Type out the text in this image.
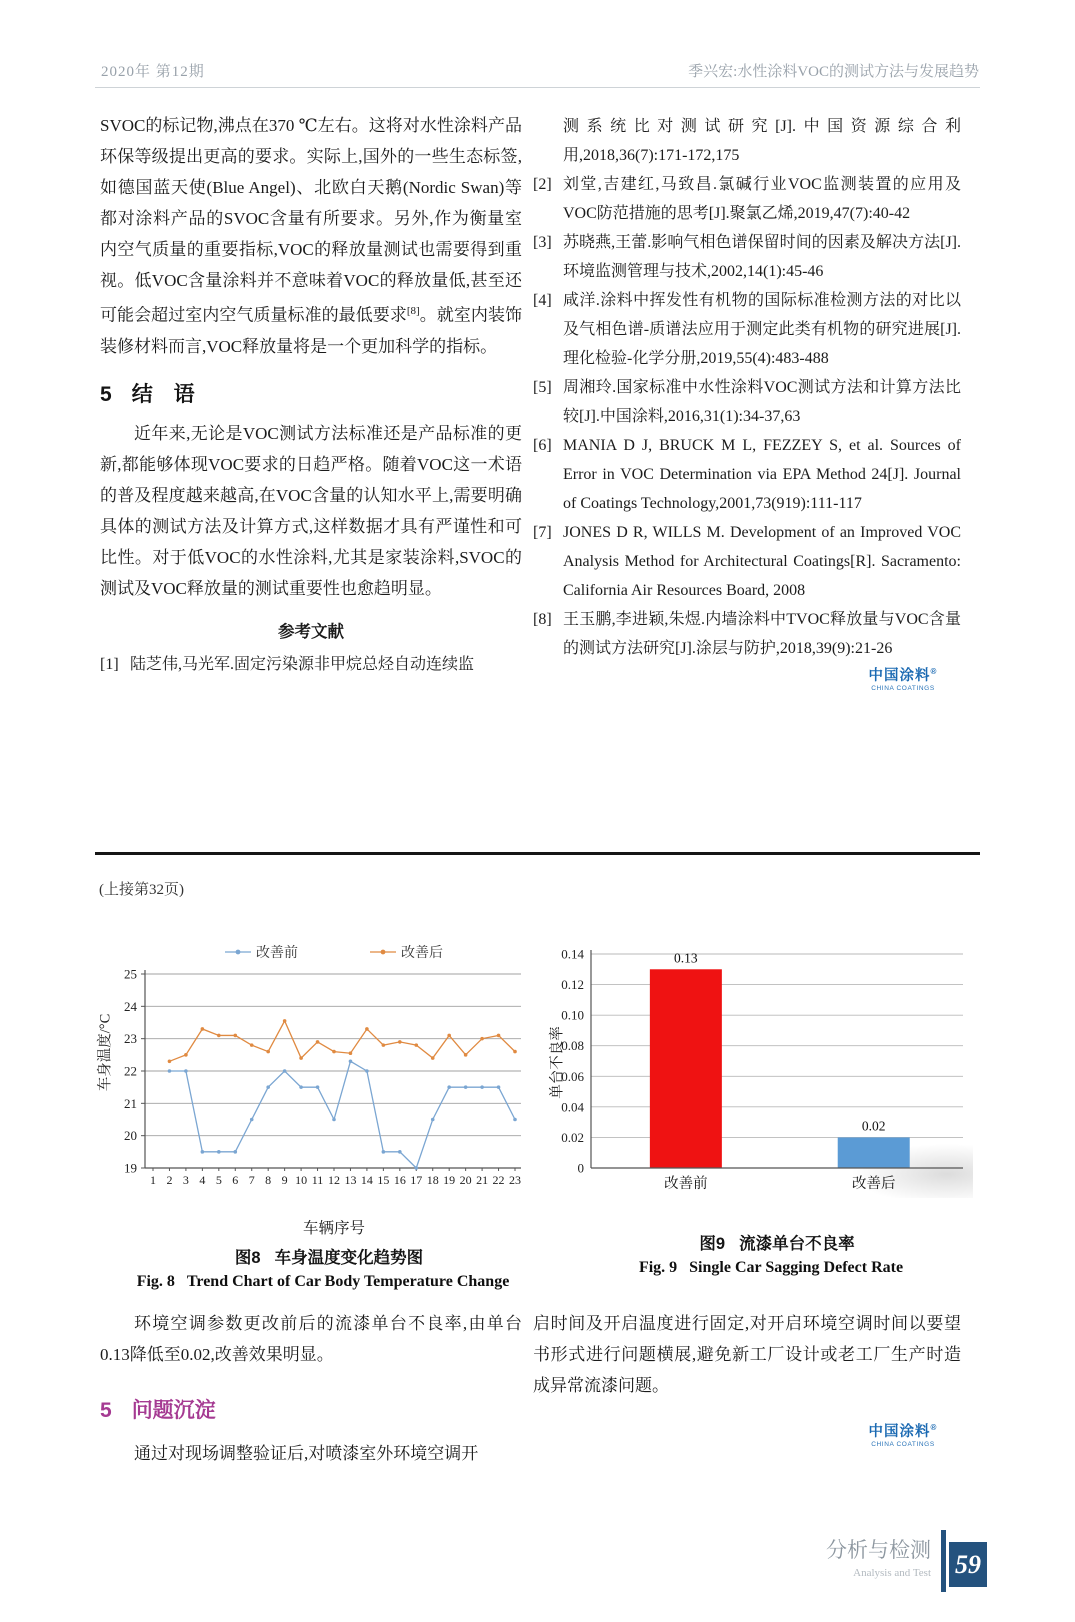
2020年 第12期	季兴宏:水性涂料VOC的测试方法与发展趋势
SVOC的标记物,沸点在370 ℃左右。这将对水性涂料产品环保等级提出更高的要求。实际上,国外的一些生态标签,如德国蓝天使(Blue Angel)、北欧白天鹅(Nordic Swan)等都对涂料产品的SVOC含量有所要求。另外,作为衡量室内空气质量的重要指标,VOC的释放量测试也需要得到重视。低VOC含量涂料并不意味着VOC的释放量低,甚至还可能会超过室内空气质量标准的最低要求[8]。就室内装饰装修材料而言,VOC释放量将是一个更加科学的指标。
5 结　语
近年来,无论是VOC测试方法标准还是产品标准的更新,都能够体现VOC要求的日趋严格。随着VOC这一术语的普及程度越来越高,在VOC含量的认知水平上,需要明确具体的测试方法及计算方式,这样数据才具有严谨性和可比性。对于低VOC的水性涂料,尤其是家装涂料,SVOC的测试及VOC释放量的测试重要性也愈趋明显。
参考文献
[1] 陆芝伟,马光军.固定污染源非甲烷总烃自动连续监
测系统比对测试研究[J].中国资源综合利用,2018,36(7):171-172,175
[2] 刘堂,吉建红,马致昌.氯碱行业VOC监测装置的应用及VOC防范措施的思考[J].聚氯乙烯,2019,47(7):40-42
[3] 苏晓燕,王蕾.影响气相色谱保留时间的因素及解决方法[J].环境监测管理与技术,2002,14(1):45-46
[4] 咸洋.涂料中挥发性有机物的国际标准检测方法的对比以及气相色谱-质谱法应用于测定此类有机物的研究进展[J].理化检验-化学分册,2019,55(4):483-488
[5] 周湘玲.国家标准中水性涂料VOC测试方法和计算方法比较[J].中国涂料,2016,31(1):34-37,63
[6] MANIA D J, BRUCK M L, FEZZEY S, et al. Sources of Error in VOC Determination via EPA Method 24[J]. Journal of Coatings Technology,2001,73(919):111-117
[7] JONES D R, WILLS M. Development of an Improved VOC Analysis Method for Architectural Coatings[R]. Sacramento: California Air Resources Board, 2008
[8] 王玉鹏,李进颖,朱煜.内墙涂料中TVOC释放量与VOC含量的测试方法研究[J].涂层与防护,2018,39(9):21-26
中国涂料®
CHINA COATINGS
(上接第32页)
改善前	改善后
车身温度/°C
25
24
23
22
21
20
19
1 2 3 4 5 6 7 8 9 10 11 12 13 14 15 16 17 18 19 20 21 22 23
车辆序号
图8 车身温度变化趋势图
Fig. 8 Trend Chart of Car Body Temperature Change
单台不良率
0
0.02
0.04
0.06
0.08
0.10
0.12
0.14	0.13
改善前
0.02
改善后
图9 流漆单台不良率
Fig. 9 Single Car Sagging Defect Rate
环境空调参数更改前后的流漆单台不良率,由单台0.13降低至0.02,改善效果明显。
5 问题沉淀
通过对现场调整验证后,对喷漆室外环境空调开
启时间及开启温度进行固定,对开启环境空调时间以要望书形式进行问题横展,避免新工厂设计或老工厂生产时造成异常流漆问题。
中国涂料®
CHINA COATINGS
分析与检测
Analysis and Test 59
